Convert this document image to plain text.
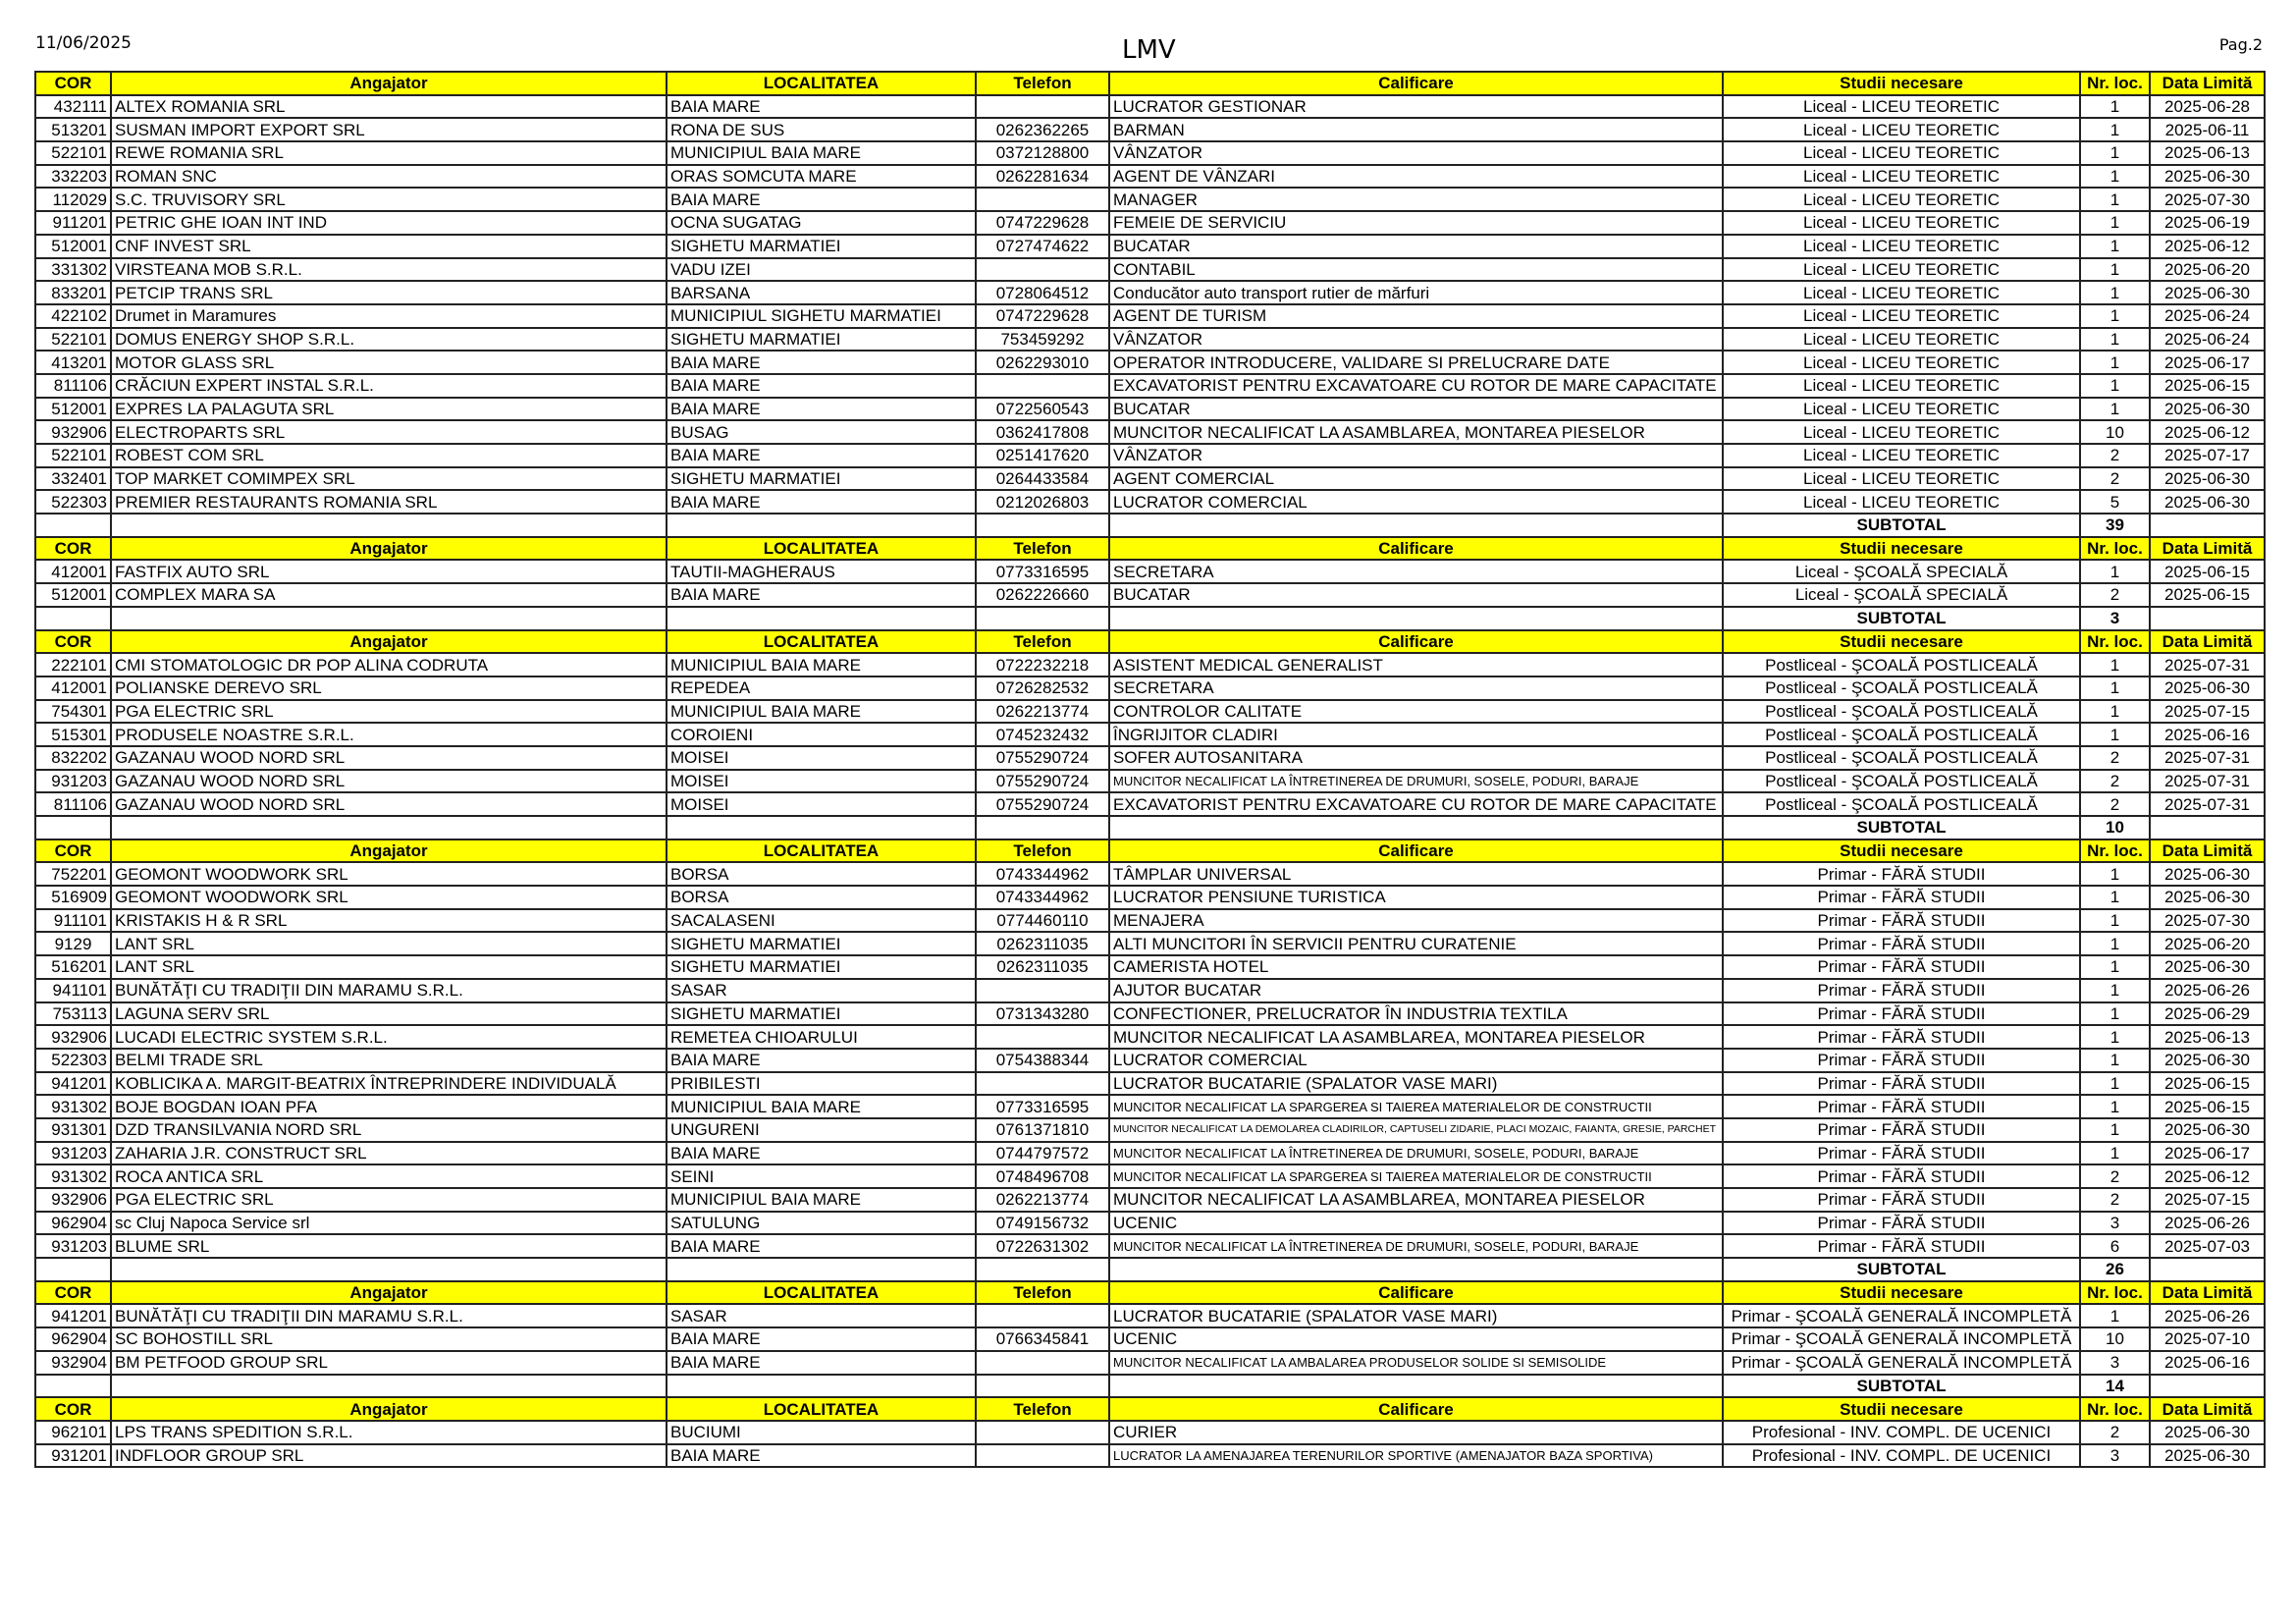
11/06/2025	LMV	Pag.2
COR	Angajator	LOCALITATEA	Telefon	Calificare	Studii necesare	Nr. loc.	Data Limită
432111	ALTEX ROMANIA SRL	BAIA MARE		LUCRATOR GESTIONAR	Liceal - LICEU TEORETIC	1	2025-06-28
513201	SUSMAN IMPORT EXPORT SRL	RONA DE SUS	0262362265	BARMAN	Liceal - LICEU TEORETIC	1	2025-06-11
522101	REWE ROMANIA SRL	MUNICIPIUL BAIA MARE	0372128800	VÂNZATOR	Liceal - LICEU TEORETIC	1	2025-06-13
332203	ROMAN SNC	ORAS SOMCUTA MARE	0262281634	AGENT DE VÂNZARI	Liceal - LICEU TEORETIC	1	2025-06-30
112029	S.C. TRUVISORY SRL	BAIA MARE		MANAGER	Liceal - LICEU TEORETIC	1	2025-07-30
911201	PETRIC GHE IOAN INT IND	OCNA SUGATAG	0747229628	FEMEIE DE SERVICIU	Liceal - LICEU TEORETIC	1	2025-06-19
512001	CNF INVEST SRL	SIGHETU MARMATIEI	0727474622	BUCATAR	Liceal - LICEU TEORETIC	1	2025-06-12
331302	VIRSTEANA MOB S.R.L.	VADU IZEI		CONTABIL	Liceal - LICEU TEORETIC	1	2025-06-20
833201	PETCIP TRANS SRL	BARSANA	0728064512	Conducător auto transport rutier de mărfuri	Liceal - LICEU TEORETIC	1	2025-06-30
422102	Drumet in Maramures	MUNICIPIUL SIGHETU MARMATIEI	0747229628	AGENT DE TURISM	Liceal - LICEU TEORETIC	1	2025-06-24
522101	DOMUS ENERGY SHOP S.R.L.	SIGHETU MARMATIEI	753459292	VÂNZATOR	Liceal - LICEU TEORETIC	1	2025-06-24
413201	MOTOR GLASS SRL	BAIA MARE	0262293010	OPERATOR INTRODUCERE, VALIDARE SI PRELUCRARE DATE	Liceal - LICEU TEORETIC	1	2025-06-17
811106	CRĂCIUN EXPERT INSTAL S.R.L.	BAIA MARE		EXCAVATORIST PENTRU EXCAVATOARE CU ROTOR DE MARE CAPACITATE	Liceal - LICEU TEORETIC	1	2025-06-15
512001	EXPRES LA PALAGUTA SRL	BAIA MARE	0722560543	BUCATAR	Liceal - LICEU TEORETIC	1	2025-06-30
932906	ELECTROPARTS SRL	BUSAG	0362417808	MUNCITOR NECALIFICAT LA ASAMBLAREA, MONTAREA PIESELOR	Liceal - LICEU TEORETIC	10	2025-06-12
522101	ROBEST COM SRL	BAIA MARE	0251417620	VÂNZATOR	Liceal - LICEU TEORETIC	2	2025-07-17
332401	TOP MARKET COMIMPEX SRL	SIGHETU MARMATIEI	0264433584	AGENT COMERCIAL	Liceal - LICEU TEORETIC	2	2025-06-30
522303	PREMIER RESTAURANTS ROMANIA SRL	BAIA MARE	0212026803	LUCRATOR COMERCIAL	Liceal - LICEU TEORETIC	5	2025-06-30
					SUBTOTAL	39	
COR	Angajator	LOCALITATEA	Telefon	Calificare	Studii necesare	Nr. loc.	Data Limită
412001	FASTFIX AUTO SRL	TAUTII-MAGHERAUS	0773316595	SECRETARA	Liceal - ŞCOALĂ SPECIALĂ	1	2025-06-15
512001	COMPLEX MARA SA	BAIA MARE	0262226660	BUCATAR	Liceal - ŞCOALĂ SPECIALĂ	2	2025-06-15
					SUBTOTAL	3	
COR	Angajator	LOCALITATEA	Telefon	Calificare	Studii necesare	Nr. loc.	Data Limită
222101	CMI STOMATOLOGIC DR POP ALINA CODRUTA	MUNICIPIUL BAIA MARE	0722232218	ASISTENT MEDICAL GENERALIST	Postliceal - ŞCOALĂ POSTLICEALĂ	1	2025-07-31
412001	POLIANSKE DEREVO SRL	REPEDEA	0726282532	SECRETARA	Postliceal - ŞCOALĂ POSTLICEALĂ	1	2025-06-30
754301	PGA ELECTRIC SRL	MUNICIPIUL BAIA MARE	0262213774	CONTROLOR CALITATE	Postliceal - ŞCOALĂ POSTLICEALĂ	1	2025-07-15
515301	PRODUSELE NOASTRE S.R.L.	COROIENI	0745232432	ÎNGRIJITOR CLADIRI	Postliceal - ŞCOALĂ POSTLICEALĂ	1	2025-06-16
832202	GAZANAU WOOD NORD SRL	MOISEI	0755290724	SOFER AUTOSANITARA	Postliceal - ŞCOALĂ POSTLICEALĂ	2	2025-07-31
931203	GAZANAU WOOD NORD SRL	MOISEI	0755290724	MUNCITOR NECALIFICAT LA ÎNTRETINEREA DE DRUMURI, SOSELE, PODURI, BARAJE	Postliceal - ŞCOALĂ POSTLICEALĂ	2	2025-07-31
811106	GAZANAU WOOD NORD SRL	MOISEI	0755290724	EXCAVATORIST PENTRU EXCAVATOARE CU ROTOR DE MARE CAPACITATE	Postliceal - ŞCOALĂ POSTLICEALĂ	2	2025-07-31
					SUBTOTAL	10	
COR	Angajator	LOCALITATEA	Telefon	Calificare	Studii necesare	Nr. loc.	Data Limită
752201	GEOMONT WOODWORK SRL	BORSA	0743344962	TÂMPLAR UNIVERSAL	Primar - FĂRĂ STUDII	1	2025-06-30
516909	GEOMONT WOODWORK SRL	BORSA	0743344962	LUCRATOR PENSIUNE TURISTICA	Primar - FĂRĂ STUDII	1	2025-06-30
911101	KRISTAKIS H & R SRL	SACALASENI	0774460110	MENAJERA	Primar - FĂRĂ STUDII	1	2025-07-30
9129	LANT SRL	SIGHETU MARMATIEI	0262311035	ALTI MUNCITORI ÎN SERVICII PENTRU CURATENIE	Primar - FĂRĂ STUDII	1	2025-06-20
516201	LANT SRL	SIGHETU MARMATIEI	0262311035	CAMERISTA HOTEL	Primar - FĂRĂ STUDII	1	2025-06-30
941101	BUNĂTĂŢI CU TRADIŢII DIN MARAMU S.R.L.	SASAR		AJUTOR BUCATAR	Primar - FĂRĂ STUDII	1	2025-06-26
753113	LAGUNA SERV SRL	SIGHETU MARMATIEI	0731343280	CONFECTIONER, PRELUCRATOR ÎN INDUSTRIA TEXTILA	Primar - FĂRĂ STUDII	1	2025-06-29
932906	LUCADI ELECTRIC SYSTEM S.R.L.	REMETEA CHIOARULUI		MUNCITOR NECALIFICAT LA ASAMBLAREA, MONTAREA PIESELOR	Primar - FĂRĂ STUDII	1	2025-06-13
522303	BELMI TRADE SRL	BAIA MARE	0754388344	LUCRATOR COMERCIAL	Primar - FĂRĂ STUDII	1	2025-06-30
941201	KOBLICIKA A. MARGIT-BEATRIX ÎNTREPRINDERE INDIVIDUALĂ	PRIBILESTI		LUCRATOR BUCATARIE (SPALATOR VASE MARI)	Primar - FĂRĂ STUDII	1	2025-06-15
931302	BOJE BOGDAN IOAN PFA	MUNICIPIUL BAIA MARE	0773316595	MUNCITOR NECALIFICAT LA SPARGEREA SI TAIEREA MATERIALELOR DE CONSTRUCTII	Primar - FĂRĂ STUDII	1	2025-06-15
931301	DZD TRANSILVANIA NORD SRL	UNGURENI	0761371810	MUNCITOR NECALIFICAT LA DEMOLAREA CLADIRILOR, CAPTUSELI ZIDARIE, PLACI MOZAIC, FAIANTA, GRESIE, PARCHET	Primar - FĂRĂ STUDII	1	2025-06-30
931203	ZAHARIA J.R. CONSTRUCT SRL	BAIA MARE	0744797572	MUNCITOR NECALIFICAT LA ÎNTRETINEREA DE DRUMURI, SOSELE, PODURI, BARAJE	Primar - FĂRĂ STUDII	1	2025-06-17
931302	ROCA ANTICA SRL	SEINI	0748496708	MUNCITOR NECALIFICAT LA SPARGEREA SI TAIEREA MATERIALELOR DE CONSTRUCTII	Primar - FĂRĂ STUDII	2	2025-06-12
932906	PGA ELECTRIC SRL	MUNICIPIUL BAIA MARE	0262213774	MUNCITOR NECALIFICAT LA ASAMBLAREA, MONTAREA PIESELOR	Primar - FĂRĂ STUDII	2	2025-07-15
962904	sc Cluj Napoca Service srl	SATULUNG	0749156732	UCENIC	Primar - FĂRĂ STUDII	3	2025-06-26
931203	BLUME SRL	BAIA MARE	0722631302	MUNCITOR NECALIFICAT LA ÎNTRETINEREA DE DRUMURI, SOSELE, PODURI, BARAJE	Primar - FĂRĂ STUDII	6	2025-07-03
					SUBTOTAL	26	
COR	Angajator	LOCALITATEA	Telefon	Calificare	Studii necesare	Nr. loc.	Data Limită
941201	BUNĂTĂŢI CU TRADIŢII DIN MARAMU S.R.L.	SASAR		LUCRATOR BUCATARIE (SPALATOR VASE MARI)	Primar - ŞCOALĂ GENERALĂ INCOMPLETĂ	1	2025-06-26
962904	SC BOHOSTILL SRL	BAIA MARE	0766345841	UCENIC	Primar - ŞCOALĂ GENERALĂ INCOMPLETĂ	10	2025-07-10
932904	BM PETFOOD GROUP SRL	BAIA MARE		MUNCITOR NECALIFICAT LA AMBALAREA PRODUSELOR SOLIDE SI SEMISOLIDE	Primar - ŞCOALĂ GENERALĂ INCOMPLETĂ	3	2025-06-16
					SUBTOTAL	14	
COR	Angajator	LOCALITATEA	Telefon	Calificare	Studii necesare	Nr. loc.	Data Limită
962101	LPS TRANS SPEDITION S.R.L.	BUCIUMI		CURIER	Profesional - INV. COMPL. DE UCENICI	2	2025-06-30
931201	INDFLOOR GROUP SRL	BAIA MARE		LUCRATOR LA AMENAJAREA TERENURILOR SPORTIVE (AMENAJATOR BAZA SPORTIVA)	Profesional - INV. COMPL. DE UCENICI	3	2025-06-30
